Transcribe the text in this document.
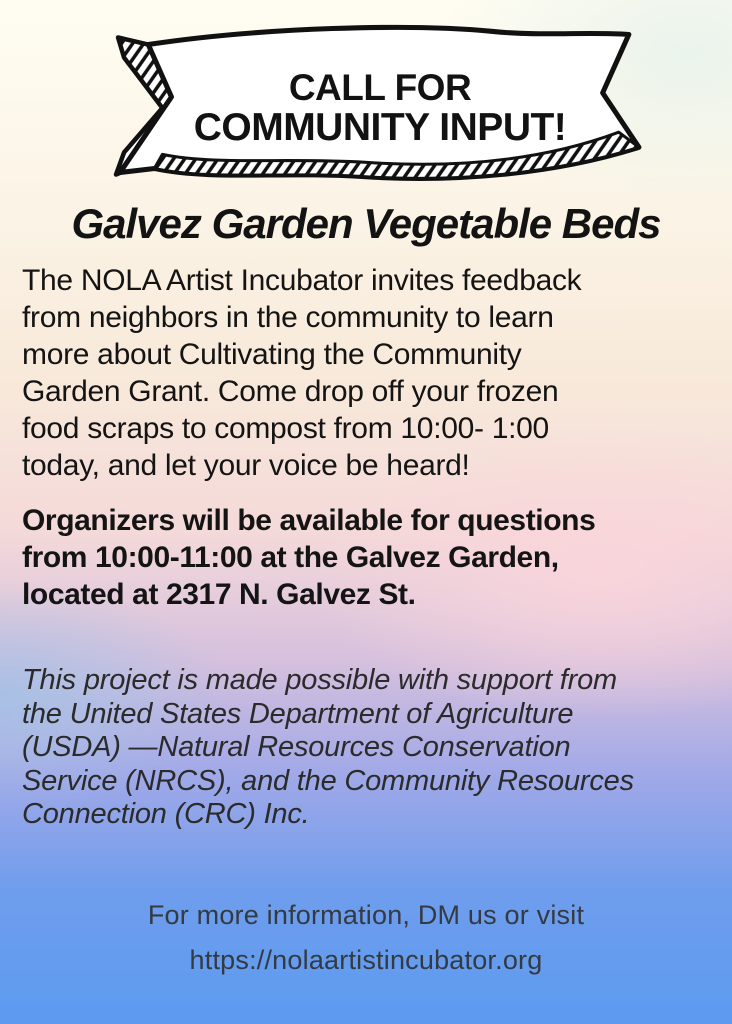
CALL FOR
COMMUNITY INPUT!
Galvez Garden Vegetable Beds
The NOLA Artist Incubator invites feedback
from neighbors in the community to learn
more about Cultivating the Community
Garden Grant. Come drop off your frozen
food scraps to compost from 10:00- 1:00
today, and let your voice be heard!
Organizers will be available for questions
from 10:00-11:00 at the Galvez Garden,
located at 2317 N. Galvez St.
This project is made possible with support from
the United States Department of Agriculture
(USDA) —Natural Resources Conservation
Service (NRCS), and the Community Resources
Connection (CRC) Inc.
For more information, DM us or visit
https://nolaartistincubator.org
